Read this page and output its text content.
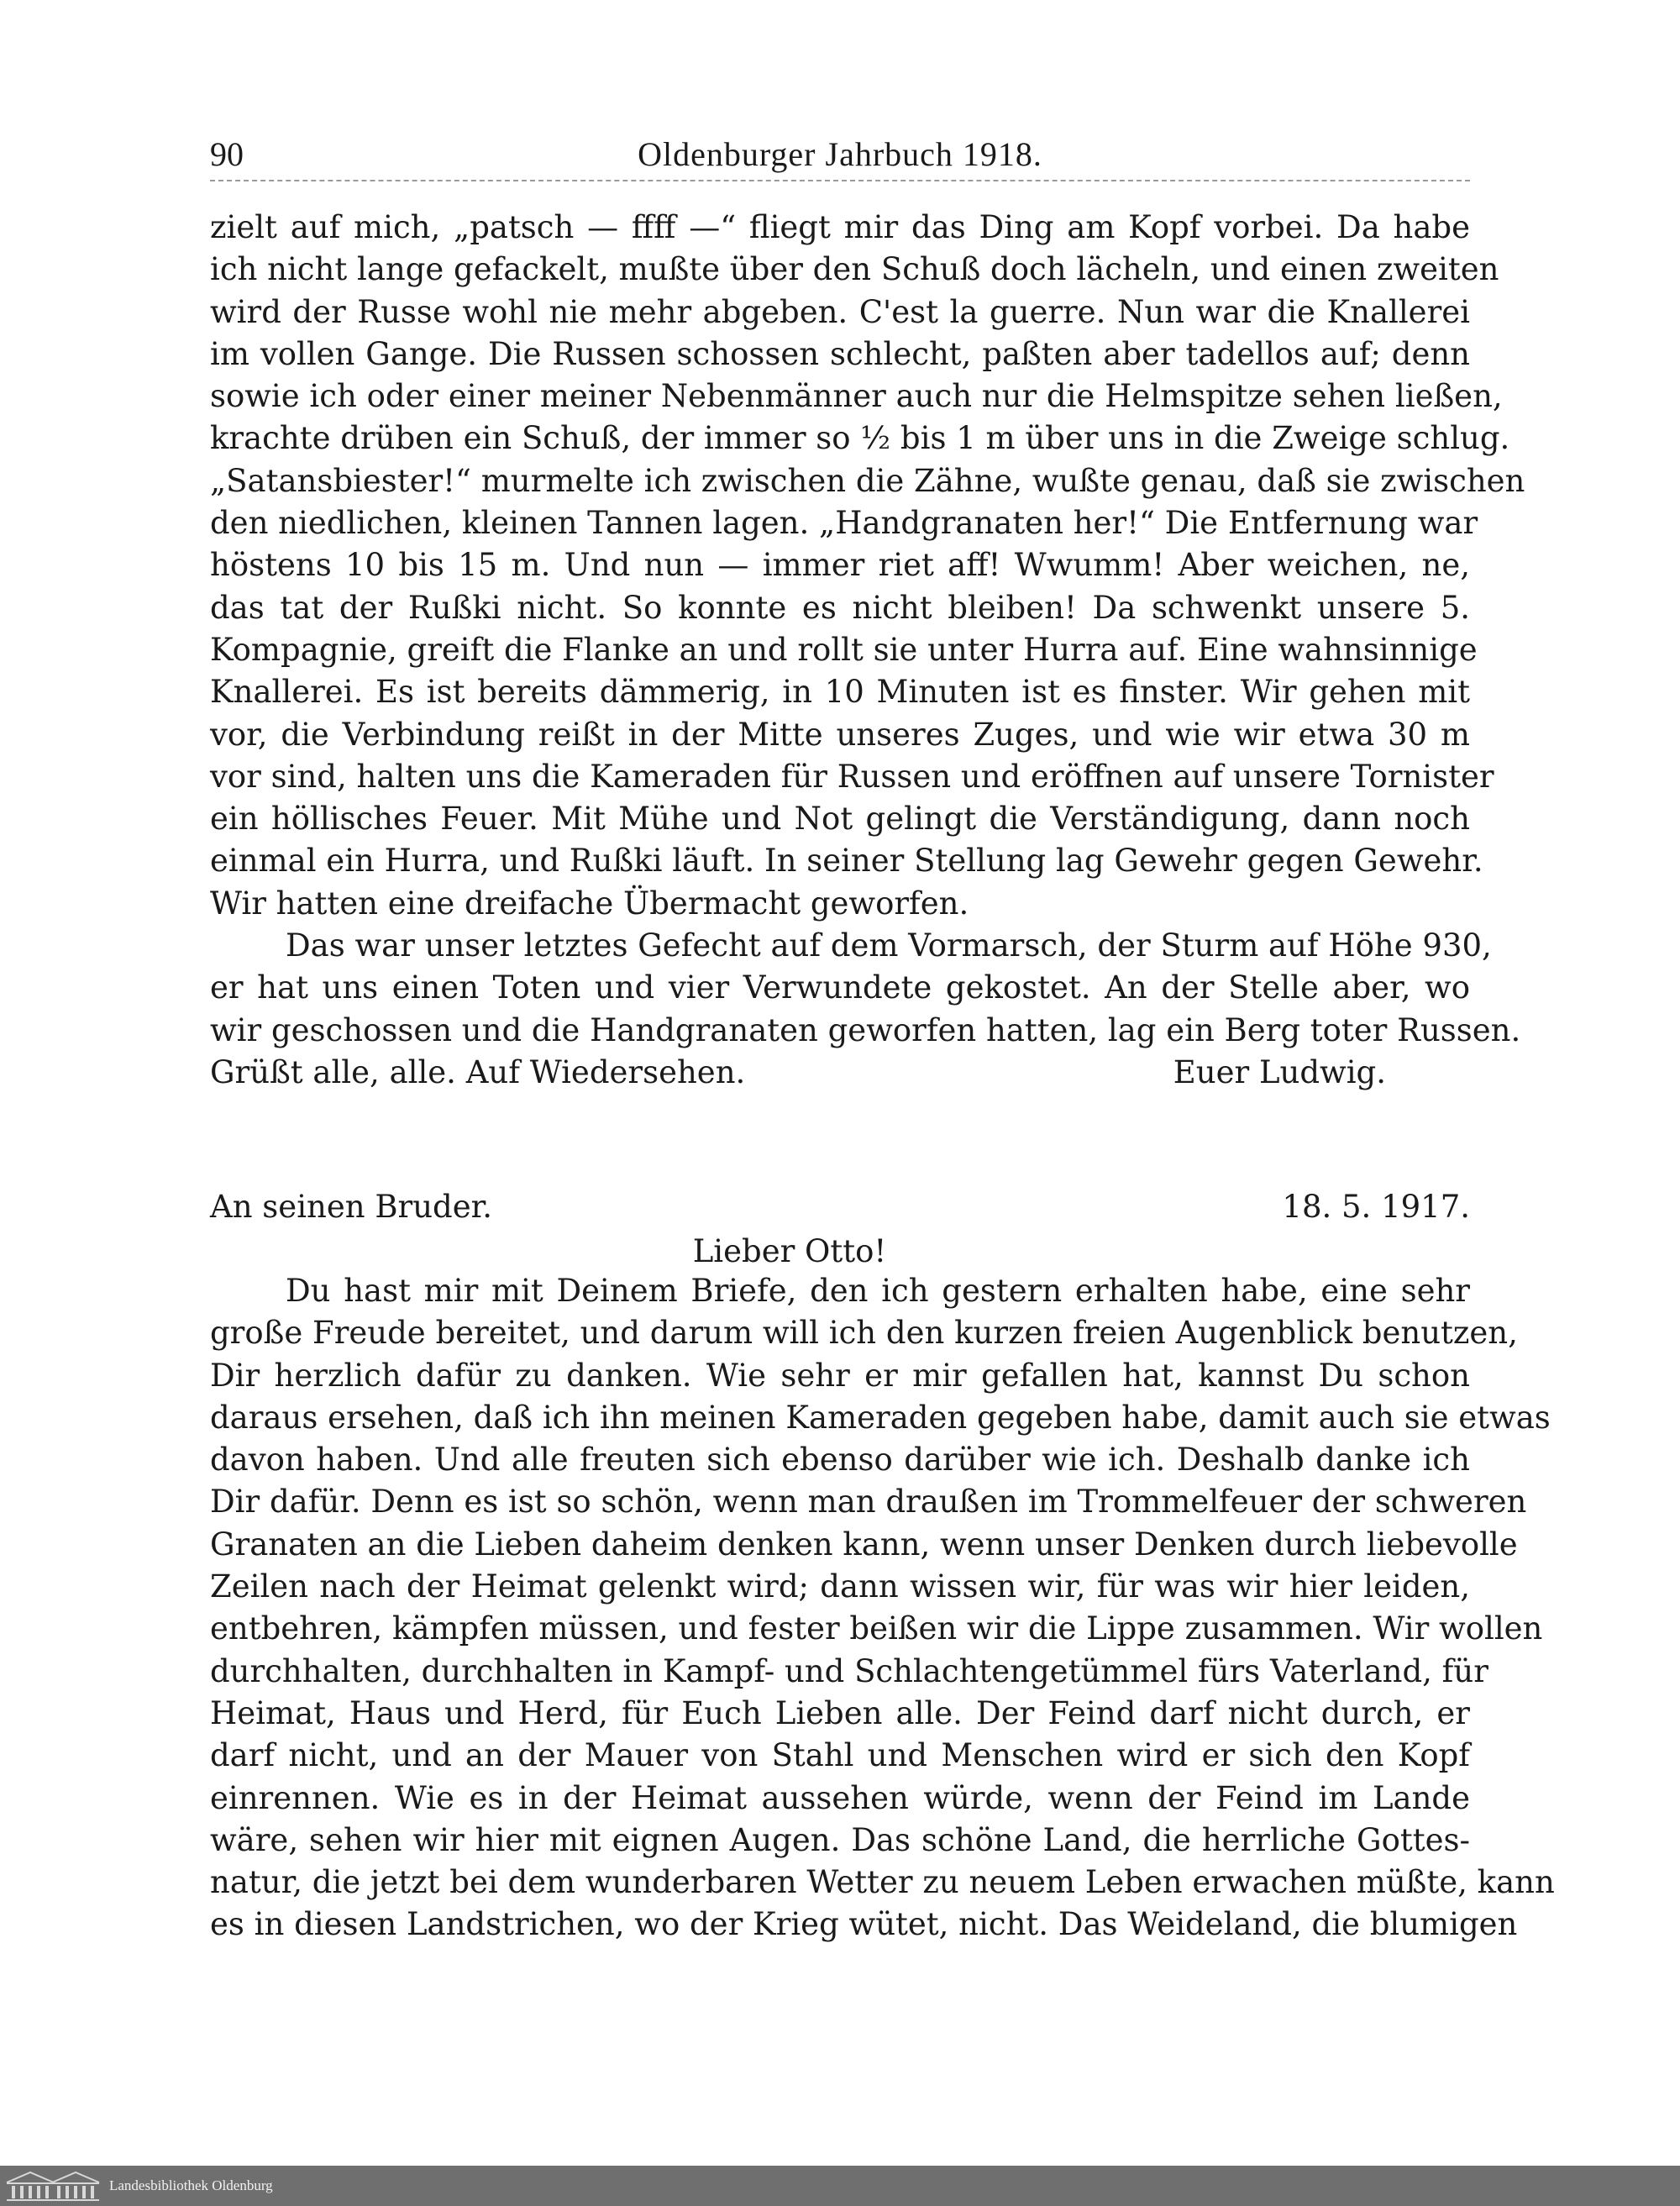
90	Oldenburger Jahrbuch 1918.
zielt auf mich, „patsch — ffff —“ fliegt mir das Ding am Kopf vorbei. Da habe
ich nicht lange gefackelt, mußte über den Schuß doch lächeln, und einen zweiten
wird der Russe wohl nie mehr abgeben. C'est la guerre. Nun war die Knallerei
im vollen Gange. Die Russen schossen schlecht, paßten aber tadellos auf; denn
sowie ich oder einer meiner Nebenmänner auch nur die Helmspitze sehen ließen,
krachte drüben ein Schuß, der immer so ½ bis 1 m über uns in die Zweige schlug.
„Satansbiester!“ murmelte ich zwischen die Zähne, wußte genau, daß sie zwischen
den niedlichen, kleinen Tannen lagen. „Handgranaten her!“ Die Entfernung war
höstens 10 bis 15 m. Und nun — immer riet aff! Wwumm! Aber weichen, ne,
das tat der Rußki nicht. So konnte es nicht bleiben! Da schwenkt unsere 5.
Kompagnie, greift die Flanke an und rollt sie unter Hurra auf. Eine wahnsinnige
Knallerei. Es ist bereits dämmerig, in 10 Minuten ist es finster. Wir gehen mit
vor, die Verbindung reißt in der Mitte unseres Zuges, und wie wir etwa 30 m
vor sind, halten uns die Kameraden für Russen und eröffnen auf unsere Tornister
ein höllisches Feuer. Mit Mühe und Not gelingt die Verständigung, dann noch
einmal ein Hurra, und Rußki läuft. In seiner Stellung lag Gewehr gegen Gewehr.
Wir hatten eine dreifache Übermacht geworfen.
Das war unser letztes Gefecht auf dem Vormarsch, der Sturm auf Höhe 930,
er hat uns einen Toten und vier Verwundete gekostet. An der Stelle aber, wo
wir geschossen und die Handgranaten geworfen hatten, lag ein Berg toter Russen.
Grüßt alle, alle. Auf Wiedersehen.	Euer Ludwig.
An seinen Bruder.	18. 5. 1917.
Lieber Otto!
Du hast mir mit Deinem Briefe, den ich gestern erhalten habe, eine sehr
große Freude bereitet, und darum will ich den kurzen freien Augenblick benutzen,
Dir herzlich dafür zu danken. Wie sehr er mir gefallen hat, kannst Du schon
daraus ersehen, daß ich ihn meinen Kameraden gegeben habe, damit auch sie etwas
davon haben. Und alle freuten sich ebenso darüber wie ich. Deshalb danke ich
Dir dafür. Denn es ist so schön, wenn man draußen im Trommelfeuer der schweren
Granaten an die Lieben daheim denken kann, wenn unser Denken durch liebevolle
Zeilen nach der Heimat gelenkt wird; dann wissen wir, für was wir hier leiden,
entbehren, kämpfen müssen, und fester beißen wir die Lippe zusammen. Wir wollen
durchhalten, durchhalten in Kampf- und Schlachtengetümmel fürs Vaterland, für
Heimat, Haus und Herd, für Euch Lieben alle. Der Feind darf nicht durch, er
darf nicht, und an der Mauer von Stahl und Menschen wird er sich den Kopf
einrennen. Wie es in der Heimat aussehen würde, wenn der Feind im Lande
wäre, sehen wir hier mit eignen Augen. Das schöne Land, die herrliche Gottes-
natur, die jetzt bei dem wunderbaren Wetter zu neuem Leben erwachen müßte, kann
es in diesen Landstrichen, wo der Krieg wütet, nicht. Das Weideland, die blumigen
Landesbibliothek Oldenburg
